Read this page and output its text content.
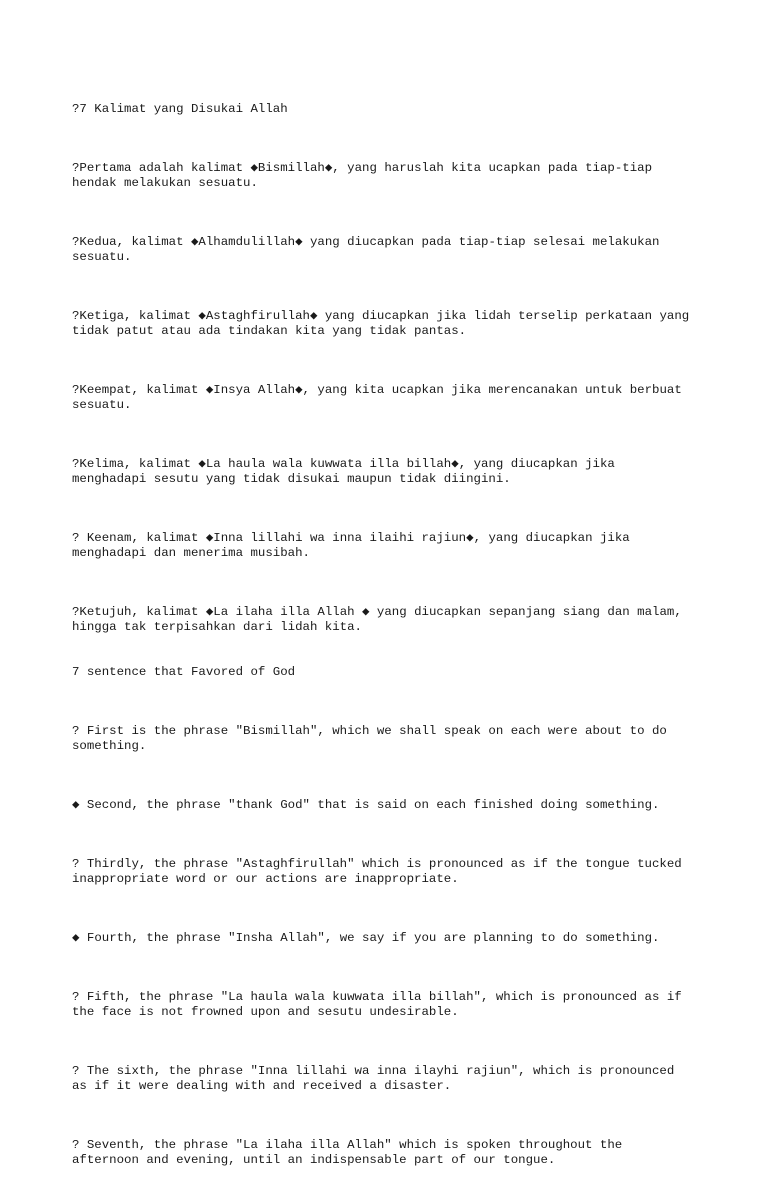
?7 Kalimat yang Disukai Allah

?Pertama adalah kalimat ◆Bismillah◆, yang haruslah kita ucapkan pada tiap-tiap
hendak melakukan sesuatu.

?Kedua, kalimat ◆Alhamdulillah◆ yang diucapkan pada tiap-tiap selesai melakukan
sesuatu.

?Ketiga, kalimat ◆Astaghfirullah◆ yang diucapkan jika lidah terselip perkataan yang
tidak patut atau ada tindakan kita yang tidak pantas.

?Keempat, kalimat ◆Insya Allah◆, yang kita ucapkan jika merencanakan untuk berbuat
sesuatu.

?Kelima, kalimat ◆La haula wala kuwwata illa billah◆, yang diucapkan jika
menghadapi sesutu yang tidak disukai maupun tidak diingini.

? Keenam, kalimat ◆Inna lillahi wa inna ilaihi rajiun◆, yang diucapkan jika
menghadapi dan menerima musibah.

?Ketujuh, kalimat ◆La ilaha illa Allah ◆ yang diucapkan sepanjang siang dan malam,
hingga tak terpisahkan dari lidah kita.

7 sentence that Favored of God

? First is the phrase "Bismillah", which we shall speak on each were about to do
something.

◆ Second, the phrase "thank God" that is said on each finished doing something.

? Thirdly, the phrase "Astaghfirullah" which is pronounced as if the tongue tucked
inappropriate word or our actions are inappropriate.

◆ Fourth, the phrase "Insha Allah", we say if you are planning to do something.

? Fifth, the phrase "La haula wala kuwwata illa billah", which is pronounced as if
the face is not frowned upon and sesutu undesirable.

? The sixth, the phrase "Inna lillahi wa inna ilayhi rajiun", which is pronounced
as if it were dealing with and received a disaster.

? Seventh, the phrase "La ilaha illa Allah" which is spoken throughout the
afternoon and evening, until an indispensable part of our tongue.
